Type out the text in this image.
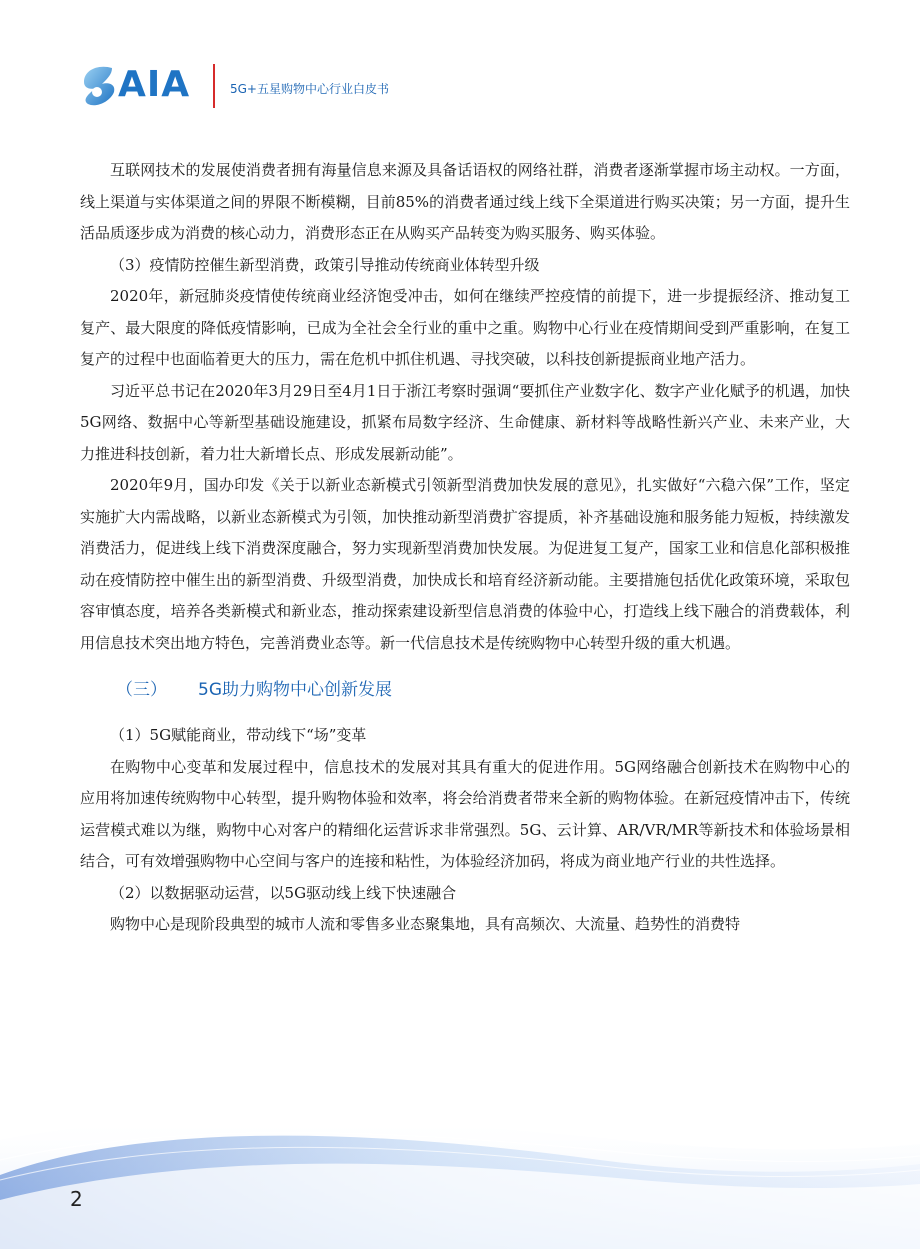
AIA	5G+五星购物中心行业白皮书

互联网技术的发展使消费者拥有海量信息来源及具备话语权的网络社群，消费者逐渐掌握市场主动权。一方面，线上渠道与实体渠道之间的界限不断模糊，目前85%的消费者通过线上线下全渠道进行购买决策；另一方面，提升生活品质逐步成为消费的核心动力，消费形态正在从购买产品转变为购买服务、购买体验。

（3）疫情防控催生新型消费，政策引导推动传统商业体转型升级

2020年，新冠肺炎疫情使传统商业经济饱受冲击，如何在继续严控疫情的前提下，进一步提振经济、推动复工复产、最大限度的降低疫情影响，已成为全社会全行业的重中之重。购物中心行业在疫情期间受到严重影响，在复工复产的过程中也面临着更大的压力，需在危机中抓住机遇、寻找突破，以科技创新提振商业地产活力。

习近平总书记在2020年3月29日至4月1日于浙江考察时强调“要抓住产业数字化、数字产业化赋予的机遇，加快5G网络、数据中心等新型基础设施建设，抓紧布局数字经济、生命健康、新材料等战略性新兴产业、未来产业，大力推进科技创新，着力壮大新增长点、形成发展新动能”。

2020年9月，国办印发《关于以新业态新模式引领新型消费加快发展的意见》，扎实做好“六稳六保”工作，坚定实施扩大内需战略，以新业态新模式为引领，加快推动新型消费扩容提质，补齐基础设施和服务能力短板，持续激发消费活力，促进线上线下消费深度融合，努力实现新型消费加快发展。为促进复工复产，国家工业和信息化部积极推动在疫情防控中催生出的新型消费、升级型消费，加快成长和培育经济新动能。主要措施包括优化政策环境，采取包容审慎态度，培养各类新模式和新业态，推动探索建设新型信息消费的体验中心，打造线上线下融合的消费载体，利用信息技术突出地方特色，完善消费业态等。新一代信息技术是传统购物中心转型升级的重大机遇。

（三） 5G助力购物中心创新发展

（1）5G赋能商业，带动线下“场”变革

在购物中心变革和发展过程中，信息技术的发展对其具有重大的促进作用。5G网络融合创新技术在购物中心的应用将加速传统购物中心转型，提升购物体验和效率，将会给消费者带来全新的购物体验。在新冠疫情冲击下，传统运营模式难以为继，购物中心对客户的精细化运营诉求非常强烈。5G、云计算、AR/VR/MR等新技术和体验场景相结合，可有效增强购物中心空间与客户的连接和粘性，为体验经济加码，将成为商业地产行业的共性选择。

（2）以数据驱动运营，以5G驱动线上线下快速融合

购物中心是现阶段典型的城市人流和零售多业态聚集地，具有高频次、大流量、趋势性的消费特

2
